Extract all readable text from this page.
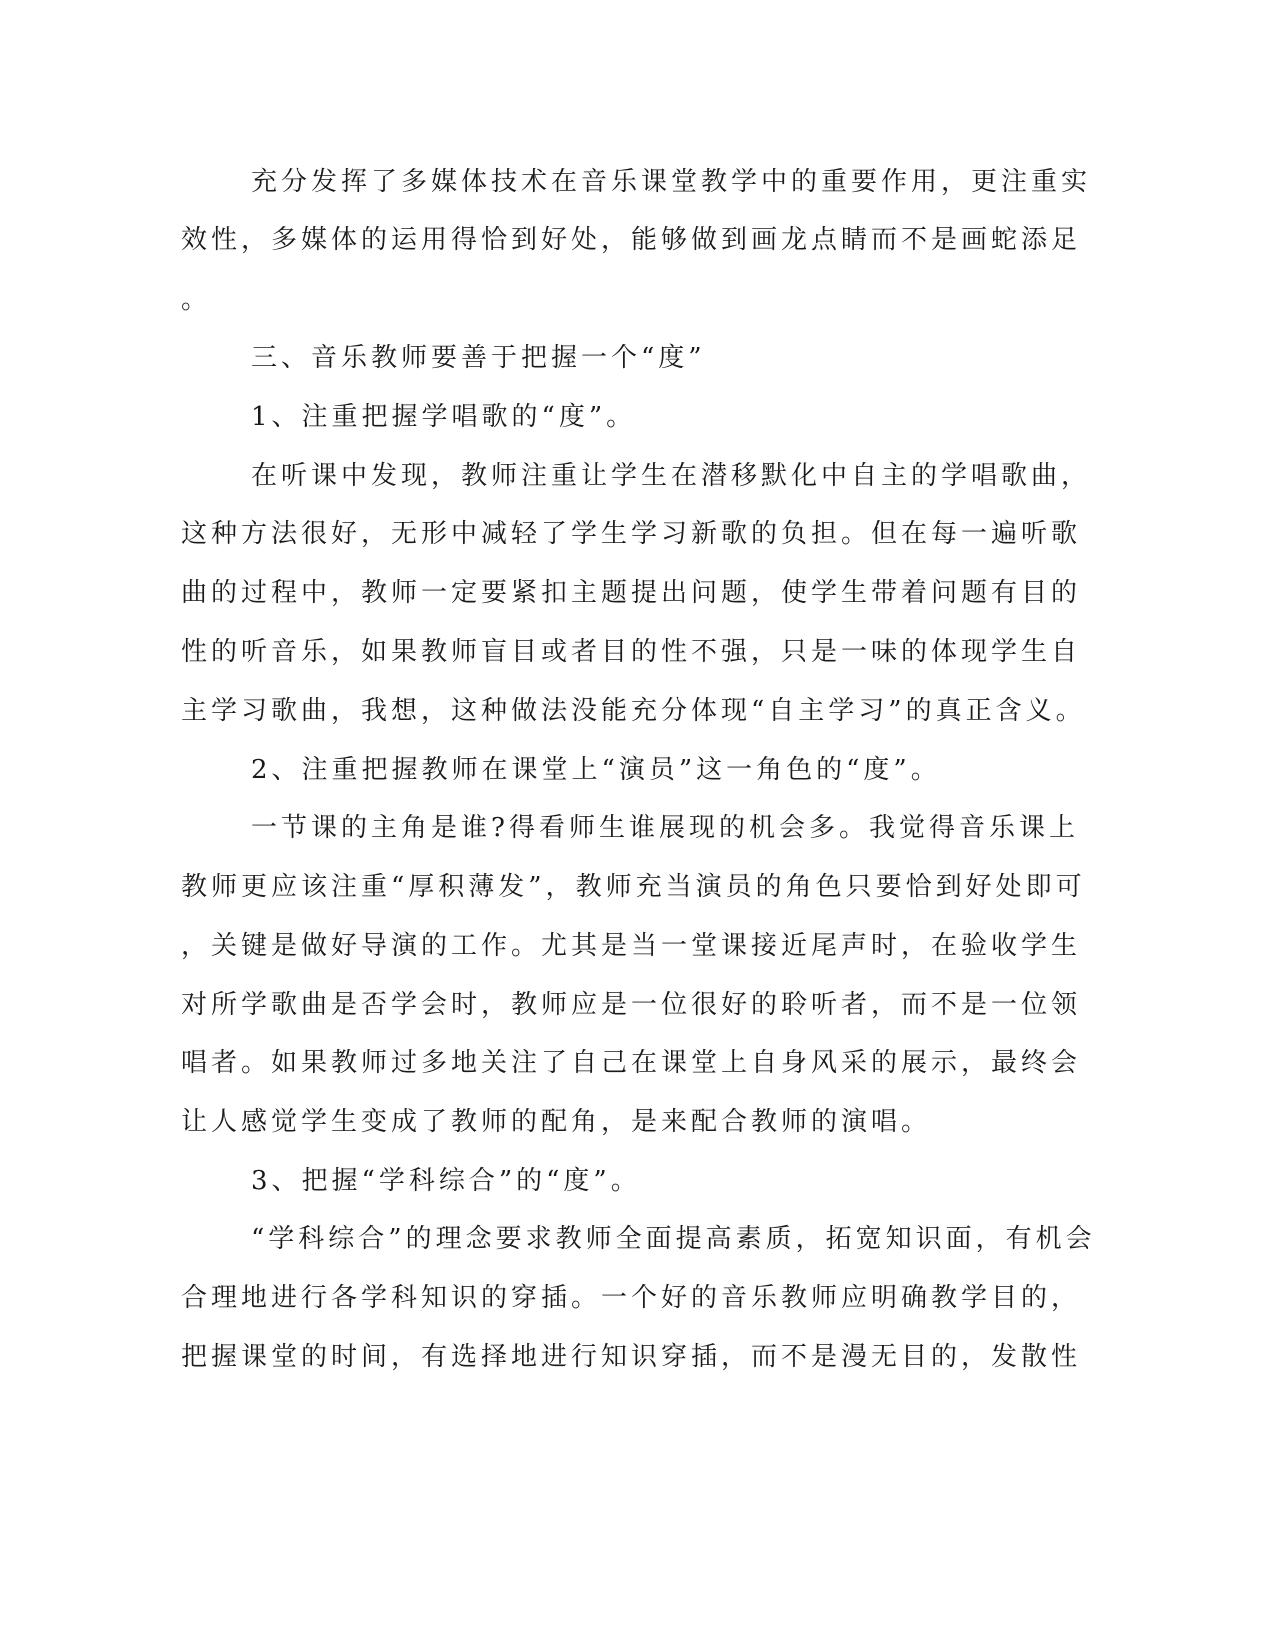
充分发挥了多媒体技术在音乐课堂教学中的重要作用，更注重实
效性，多媒体的运用得恰到好处，能够做到画龙点睛而不是画蛇添足
。
三、音乐教师要善于把握一个“度”
1、注重把握学唱歌的“度”。
在听课中发现，教师注重让学生在潜移默化中自主的学唱歌曲，
这种方法很好，无形中减轻了学生学习新歌的负担。但在每一遍听歌
曲的过程中，教师一定要紧扣主题提出问题，使学生带着问题有目的
性的听音乐，如果教师盲目或者目的性不强，只是一味的体现学生自
主学习歌曲，我想，这种做法没能充分体现“自主学习”的真正含义。
2、注重把握教师在课堂上“演员”这一角色的“度”。
一节课的主角是谁?得看师生谁展现的机会多。我觉得音乐课上
教师更应该注重“厚积薄发”，教师充当演员的角色只要恰到好处即可
，关键是做好导演的工作。尤其是当一堂课接近尾声时，在验收学生
对所学歌曲是否学会时，教师应是一位很好的聆听者，而不是一位领
唱者。如果教师过多地关注了自己在课堂上自身风采的展示，最终会
让人感觉学生变成了教师的配角，是来配合教师的演唱。
3、把握“学科综合”的“度”。
“学科综合”的理念要求教师全面提高素质，拓宽知识面，有机会
合理地进行各学科知识的穿插。一个好的音乐教师应明确教学目的，
把握课堂的时间，有选择地进行知识穿插，而不是漫无目的，发散性
